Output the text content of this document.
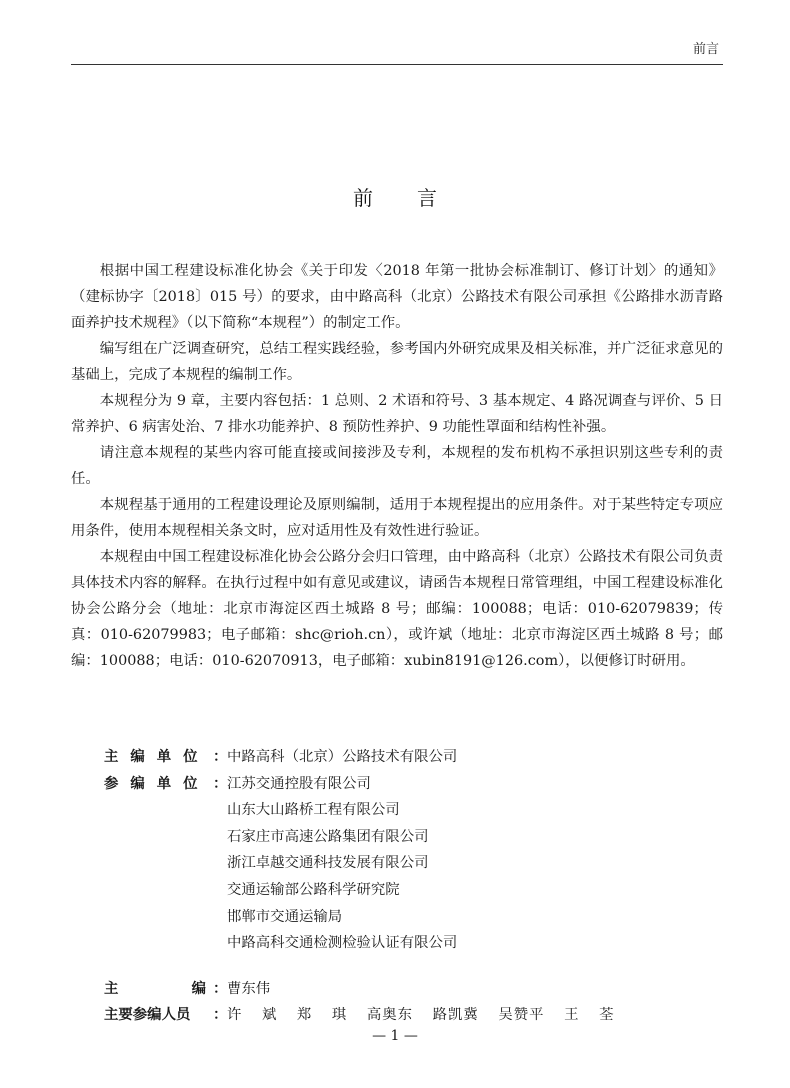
前言
前言

根据中国工程建设标准化协会《关于印发〈2018 年第一批协会标准制订、修订计划〉的通知》（建标协字〔2018〕015 号）的要求，由中路高科（北京）公路技术有限公司承担《公路排水沥青路面养护技术规程》（以下简称“本规程”）的制定工作。

编写组在广泛调查研究，总结工程实践经验，参考国内外研究成果及相关标准，并广泛征求意见的基础上，完成了本规程的编制工作。

本规程分为 9 章，主要内容包括：1 总则、2 术语和符号、3 基本规定、4 路况调查与评价、5 日常养护、6 病害处治、7 排水功能养护、8 预防性养护、9 功能性罩面和结构性补强。

请注意本规程的某些内容可能直接或间接涉及专利，本规程的发布机构不承担识别这些专利的责任。

本规程基于通用的工程建设理论及原则编制，适用于本规程提出的应用条件。对于某些特定专项应用条件，使用本规程相关条文时，应对适用性及有效性进行验证。

本规程由中国工程建设标准化协会公路分会归口管理，由中路高科（北京）公路技术有限公司负责具体技术内容的解释。在执行过程中如有意见或建议，请函告本规程日常管理组，中国工程建设标准化协会公路分会（地址：北京市海淀区西土城路 8 号；邮编：100088；电话：010-62079839；传真：010-62079983；电子邮箱：shc@rioh.cn），或许斌（地址：北京市海淀区西土城路 8 号；邮编：100088；电话：010-62070913，电子邮箱：xubin8191@126.com），以便修订时研用。

主编单位 ： 中路高科（北京）公路技术有限公司
参编单位 ： 江苏交通控股有限公司
山东大山路桥工程有限公司
石家庄市高速公路集团有限公司
浙江卓越交通科技发展有限公司
交通运输部公路科学研究院
邯郸市交通运输局
中路高科交通检测检验认证有限公司
主	编 ： 曹东伟
主要参编人员	： 许 斌 郑 琪 高奥东 路凯冀 吴赞平 王 荃
— 1 —
